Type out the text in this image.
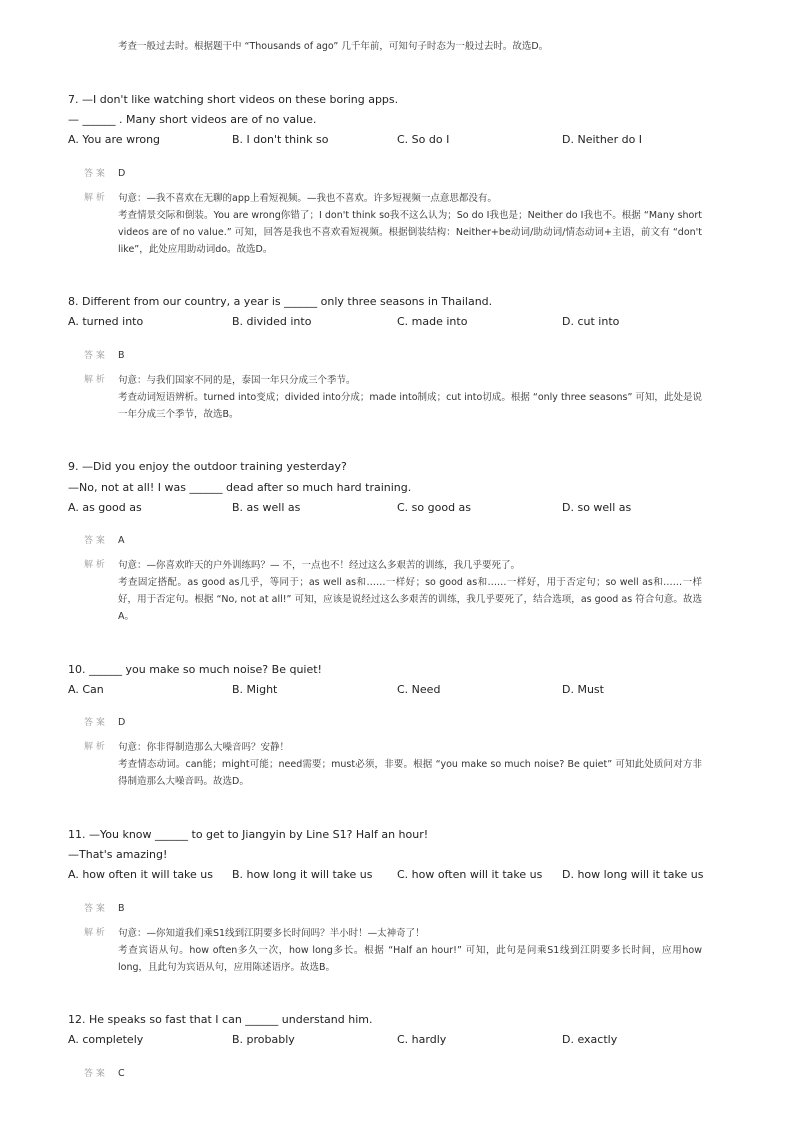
考查一般过去时。根据题干中 “Thousands of ago” 几千年前，可知句子时态为一般过去时。故选D。
7. —I don't like watching short videos on these boring apps.
— ______ . Many short videos are of no value.
A. You are wrong	B. I don't think so	C. So do I	D. Neither do I
答 案 D
解 析 句意：—我不喜欢在无聊的app上看短视频。—我也不喜欢。许多短视频一点意思都没有。
考查情景交际和倒装。You are wrong你错了；I don't think so我不这么认为；So do I我也是；Neither do I我也不。根据 “Many short videos are of no value.” 可知，回答是我也不喜欢看短视频。根据倒装结构：Neither+be动词/助动词/情态动词+主语，前文有 “don't like”，此处应用助动词do。故选D。
8. Different from our country, a year is ______ only three seasons in Thailand.
A. turned into	B. divided into	C. made into	D. cut into
答 案 B
解 析 句意：与我们国家不同的是，泰国一年只分成三个季节。
考查动词短语辨析。turned into变成；divided into分成；made into制成；cut into切成。根据 “only three seasons” 可知，此处是说一年分成三个季节，故选B。
9. —Did you enjoy the outdoor training yesterday?
—No, not at all! I was ______ dead after so much hard training.
A. as good as	B. as well as	C. so good as	D. so well as
答 案 A
解 析 句意：—你喜欢昨天的户外训练吗？— 不，一点也不！经过这么多艰苦的训练，我几乎要死了。
考查固定搭配。as good as几乎，等同于；as well as和……一样好；so good as和……一样好，用于否定句；so well as和……一样好，用于否定句。根据 “No, not at all!” 可知，应该是说经过这么多艰苦的训练，我几乎要死了，结合选项，as good as 符合句意。故选A。
10. ______ you make so much noise? Be quiet!
A. Can	B. Might	C. Need	D. Must
答 案 D
解 析 句意：你非得制造那么大噪音吗？安静！
考查情态动词。can能；might可能；need需要；must必须，非要。根据 “you make so much noise? Be quiet” 可知此处质问对方非得制造那么大噪音吗。故选D。
11. —You know ______ to get to Jiangyin by Line S1? Half an hour!
—That's amazing!
A. how often it will take us B. how long it will take us C. how often will it take us D. how long will it take us
答 案 B
解 析 句意：—你知道我们乘S1线到江阴要多长时间吗？半小时！—太神奇了！
考查宾语从句。how often多久一次，how long多长。根据 “Half an hour!” 可知，此句是问乘S1线到江阴要多长时间，应用how long，且此句为宾语从句，应用陈述语序。故选B。
12. He speaks so fast that I can ______ understand him.
A. completely	B. probably	C. hardly	D. exactly
答 案 C
